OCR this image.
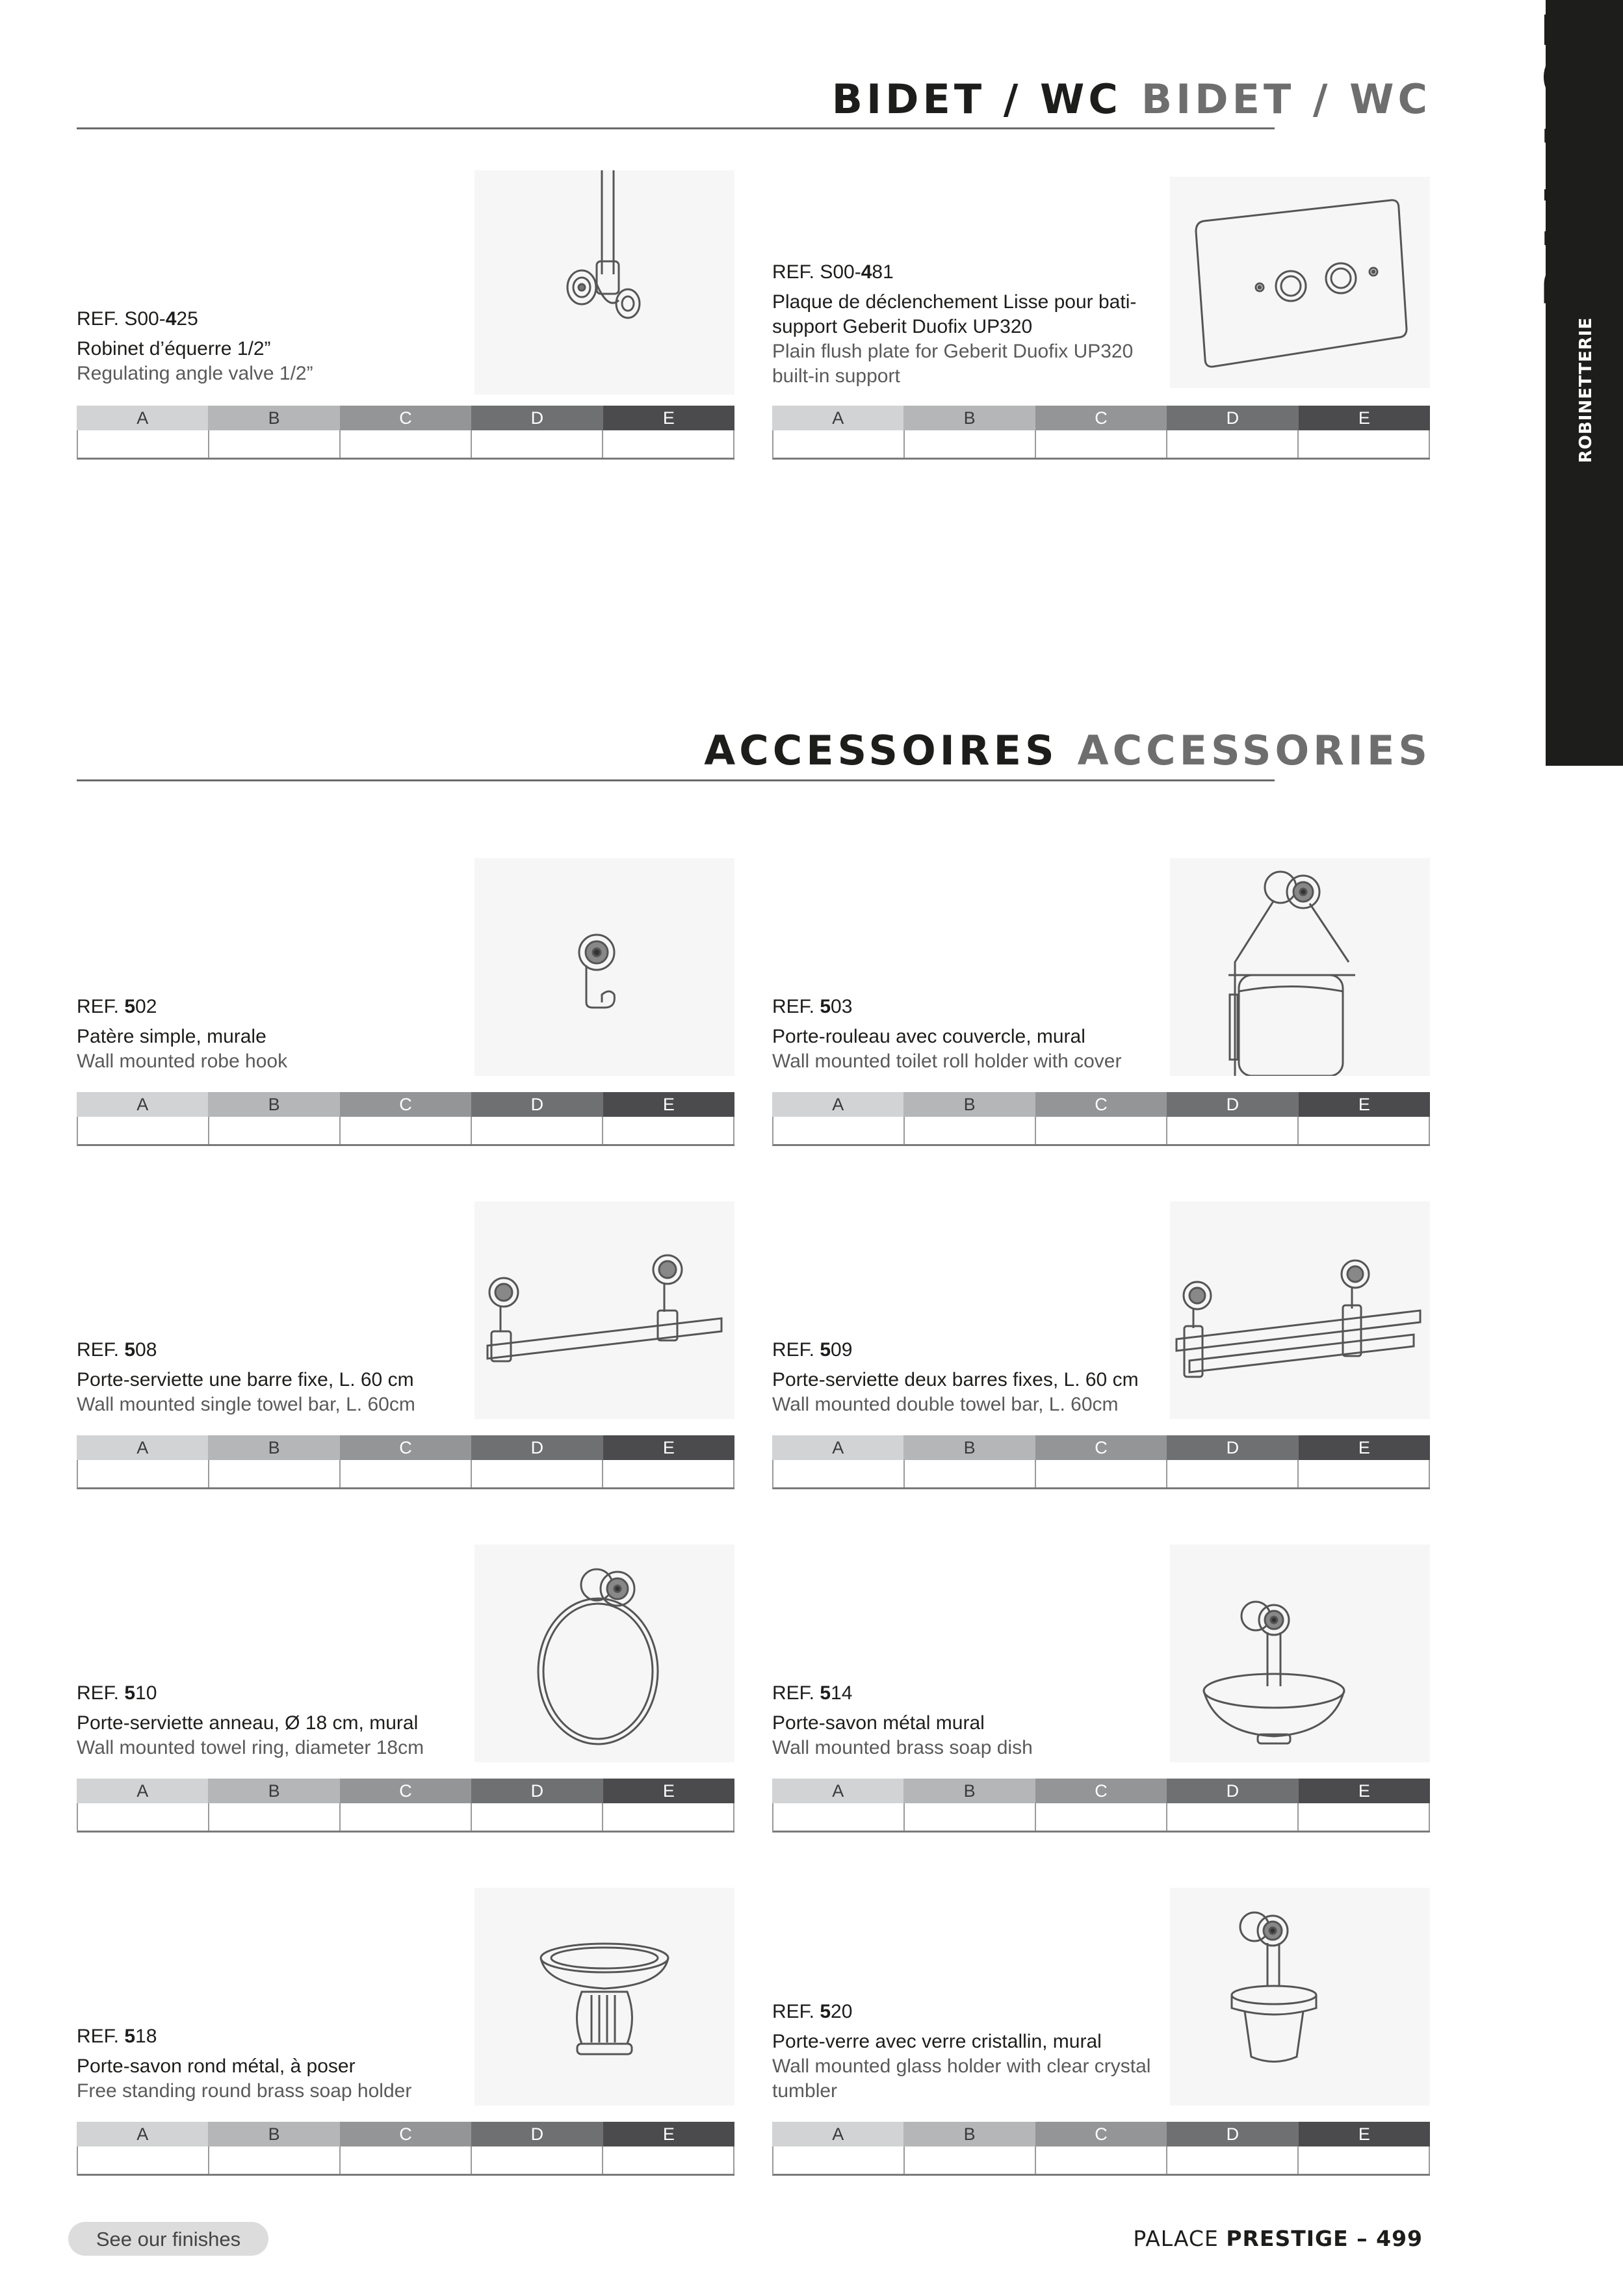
PALACE
ROBINETTERIE
BIDET / WC BIDET / WC
REF. S00-425
Robinet d’équerre 1/2”
Regulating angle valve 1/2”
A	B	C	D	E
REF. S00-481
Plaque de déclenchement Lisse pour bati-support Geberit Duofix UP320
Plain flush plate for Geberit Duofix UP320 built-in support
A	B	C	D	E
ACCESSOIRES ACCESSORIES
REF. 502
Patère simple, murale
Wall mounted robe hook
A	B	C	D	E
REF. 503
Porte-rouleau avec couvercle, mural
Wall mounted toilet roll holder with cover
A	B	C	D	E
REF. 508
Porte-serviette une barre fixe, L. 60 cm
Wall mounted single towel bar, L. 60cm
A	B	C	D	E
REF. 509
Porte-serviette deux barres fixes, L. 60 cm
Wall mounted double towel bar, L. 60cm
A	B	C	D	E
REF. 510
Porte-serviette anneau, Ø 18 cm, mural
Wall mounted towel ring, diameter 18cm
A	B	C	D	E
REF. 514
Porte-savon métal mural
Wall mounted brass soap dish
A	B	C	D	E
REF. 518
Porte-savon rond métal, à poser
Free standing round brass soap holder
A	B	C	D	E
REF. 520
Porte-verre avec verre cristallin, mural
Wall mounted glass holder with clear crystal tumbler
A	B	C	D	E
See our finishes	PALACE PRESTIGE – 499
